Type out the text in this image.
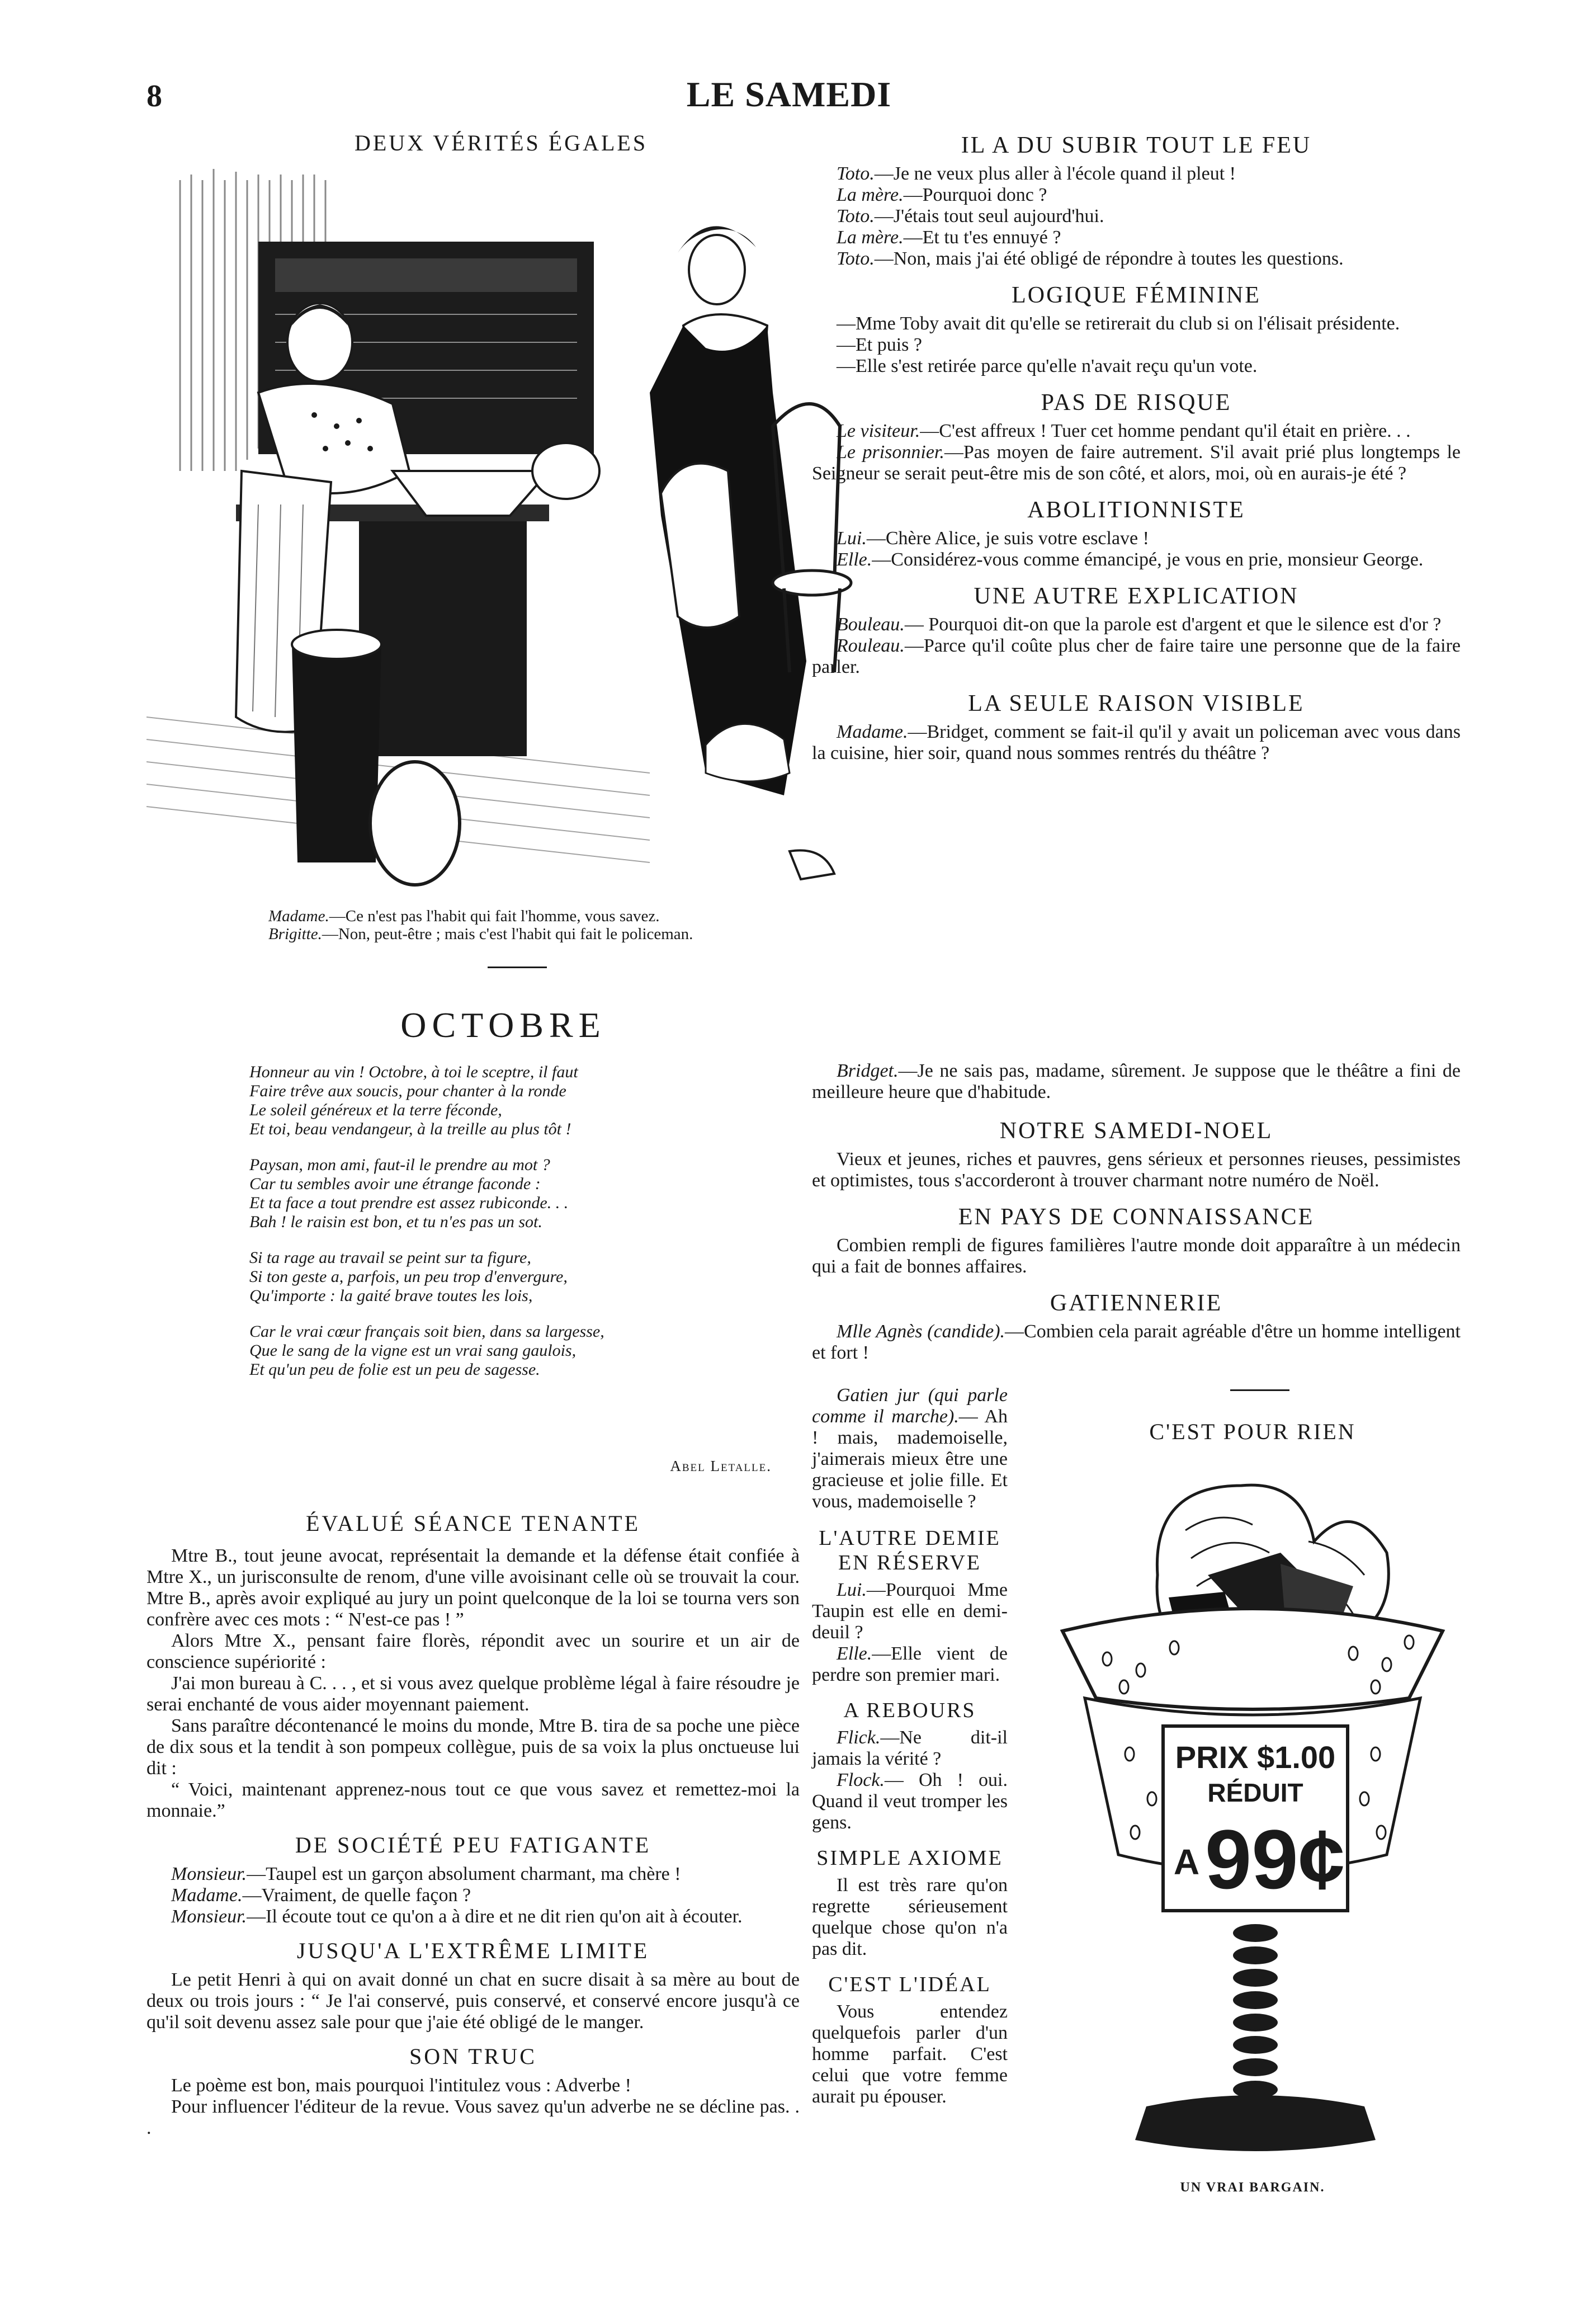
8	LE SAMEDI
DEUX VÉRITÉS ÉGALES
Madame.—Ce n'est pas l'habit qui fait l'homme, vous savez.
Brigitte.—Non, peut-être ; mais c'est l'habit qui fait le policeman.
OCTOBRE
Honneur au vin ! Octobre, à toi le sceptre, il faut
Faire trêve aux soucis, pour chanter à la ronde
Le soleil généreux et la terre féconde,
Et toi, beau vendangeur, à la treille au plus tôt !
Paysan, mon ami, faut-il le prendre au mot ?
Car tu sembles avoir une étrange faconde :
Et ta face a tout prendre est assez rubiconde. . .
Bah ! le raisin est bon, et tu n'es pas un sot.
Si ta rage au travail se peint sur ta figure,
Si ton geste a, parfois, un peu trop d'envergure,
Qu'importe : la gaité brave toutes les lois,
Car le vrai cœur français soit bien, dans sa largesse,
Que le sang de la vigne est un vrai sang gaulois,
Et qu'un peu de folie est un peu de sagesse.
Abel Letalle.
ÉVALUÉ SÉANCE TENANTE

Mtre B., tout jeune avocat, représentait la demande et la défense était confiée à Mtre X., un jurisconsulte de renom, d'une ville avoisinant celle où se trouvait la cour. Mtre B., après avoir expliqué au jury un point quelconque de la loi se tourna vers son confrère avec ces mots : “ N'est-ce pas ! ”

Alors Mtre X., pensant faire florès, répondit avec un sourire et un air de conscience supériorité :

J'ai mon bureau à C. . . , et si vous avez quelque problème légal à faire résoudre je serai enchanté de vous aider moyennant paiement.

Sans paraître décontenancé le moins du monde, Mtre B. tira de sa poche une pièce de dix sous et la tendit à son pompeux collègue, puis de sa voix la plus onctueuse lui dit :

“ Voici, maintenant apprenez-nous tout ce que vous savez et remettez-moi la monnaie.”

DE SOCIÉTÉ PEU FATIGANTE

Monsieur.—Taupel est un garçon absolument charmant, ma chère !

Madame.—Vraiment, de quelle façon ?

Monsieur.—Il écoute tout ce qu'on a à dire et ne dit rien qu'on ait à écouter.

JUSQU'A L'EXTRÊME LIMITE

Le petit Henri à qui on avait donné un chat en sucre disait à sa mère au bout de deux ou trois jours : “ Je l'ai conservé, puis conservé, et conservé encore jusqu'à ce qu'il soit devenu assez sale pour que j'aie été obligé de le manger.

SON TRUC

Le poème est bon, mais pourquoi l'intitulez vous : Adverbe !

Pour influencer l'éditeur de la revue. Vous savez qu'un adverbe ne se décline pas. . .

IL A DU SUBIR TOUT LE FEU

Toto.—Je ne veux plus aller à l'école quand il pleut !

La mère.—Pourquoi donc ?

Toto.—J'étais tout seul aujourd'hui.

La mère.—Et tu t'es ennuyé ?

Toto.—Non, mais j'ai été obligé de répondre à toutes les questions.

LOGIQUE FÉMININE

—Mme Toby avait dit qu'elle se retirerait du club si on l'élisait présidente.

—Et puis ?

—Elle s'est retirée parce qu'elle n'avait reçu qu'un vote.

PAS DE RISQUE

Le visiteur.—C'est affreux ! Tuer cet homme pendant qu'il était en prière. . .

Le prisonnier.—Pas moyen de faire autrement. S'il avait prié plus longtemps le Seigneur se serait peut-être mis de son côté, et alors, moi, où en aurais-je été ?

ABOLITIONNISTE

Lui.—Chère Alice, je suis votre esclave !

Elle.—Considérez-vous comme émancipé, je vous en prie, monsieur George.

UNE AUTRE EXPLICATION

Bouleau.— Pourquoi dit-on que la parole est d'argent et que le silence est d'or ?

Rouleau.—Parce qu'il coûte plus cher de faire taire une personne que de la faire parler.

LA SEULE RAISON VISIBLE

Madame.—Bridget, comment se fait-il qu'il y avait un policeman avec vous dans la cuisine, hier soir, quand nous sommes rentrés du théâtre ?

Bridget.—Je ne sais pas, madame, sûrement. Je suppose que le théâtre a fini de meilleure heure que d'habitude.

NOTRE SAMEDI-NOEL

Vieux et jeunes, riches et pauvres, gens sérieux et personnes rieuses, pessimistes et optimistes, tous s'accorderont à trouver charmant notre numéro de Noël.

EN PAYS DE CONNAISSANCE

Combien rempli de figures familières l'autre monde doit apparaître à un médecin qui a fait de bonnes affaires.

GATIENNERIE

Mlle Agnès (candide).—Combien cela parait agréable d'être un homme intelligent et fort !

Gatien jur (qui parle comme il marche).— Ah ! mais, mademoiselle, j'aimerais mieux être une gracieuse et jolie fille. Et vous, mademoiselle ?

L'AUTRE DEMIE EN RÉSERVE

Lui.—Pourquoi Mme Taupin est elle en demi-deuil ?

Elle.—Elle vient de perdre son premier mari.

A REBOURS

Flick.—Ne dit-il jamais la vérité ?

Flock.— Oh ! oui. Quand il veut tromper les gens.

SIMPLE AXIOME

Il est très rare qu'on regrette sérieusement quelque chose qu'on n'a pas dit.

C'EST L'IDÉAL

Vous entendez quelquefois parler d'un homme parfait. C'est celui que votre femme aurait pu épouser.

C'EST POUR RIEN
PRIX $1.00
RÉDUIT
A 99¢
UN VRAI BARGAIN.
